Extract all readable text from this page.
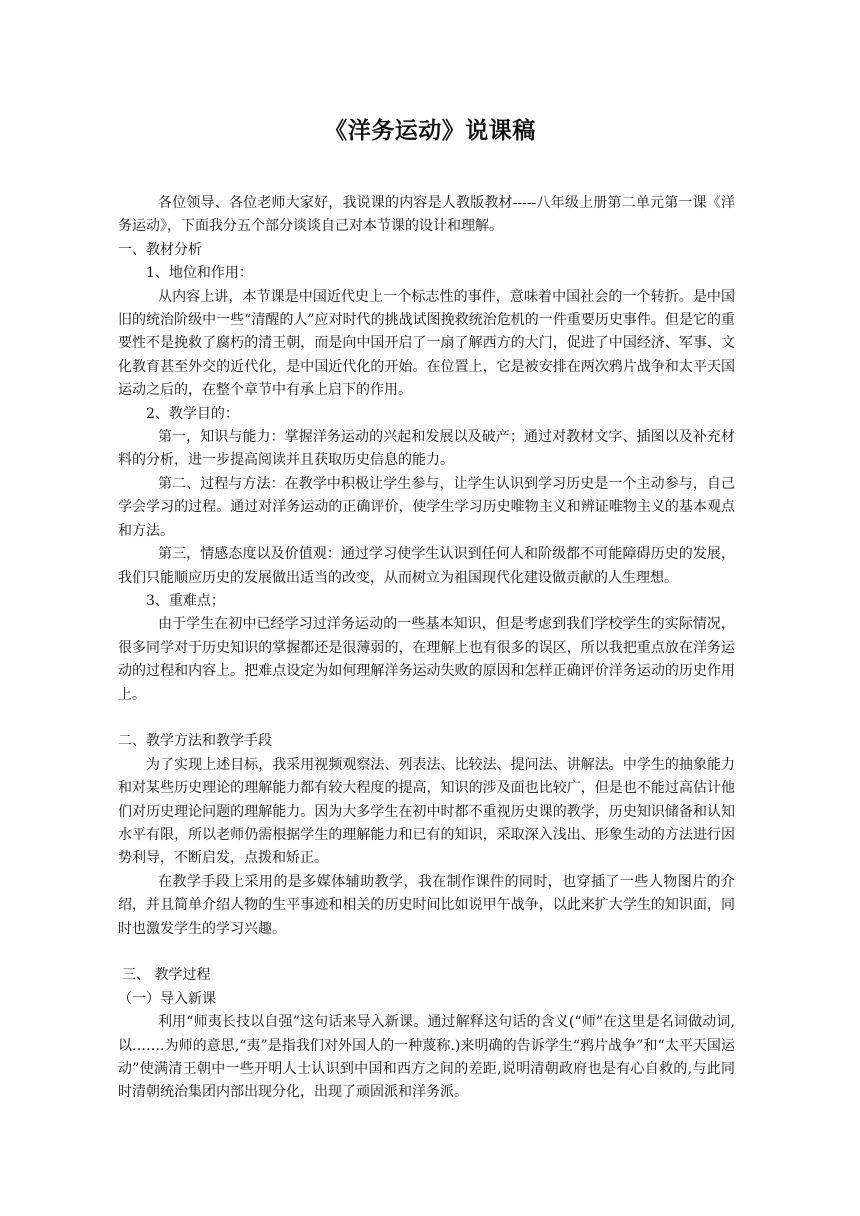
《洋务运动》说课稿

各位领导、各位老师大家好，我说课的内容是人教版教材-----八年级上册第二单元第一课《洋务运动》，下面我分五个部分谈谈自己对本节课的设计和理解。

一、教材分析

1、地位和作用：

从内容上讲，本节课是中国近代史上一个标志性的事件，意味着中国社会的一个转折。是中国旧的统治阶级中一些“清醒的人”应对时代的挑战试图挽救统治危机的一件重要历史事件。但是它的重要性不是挽救了腐朽的清王朝，而是向中国开启了一扇了解西方的大门，促进了中国经济、军事、文化教育甚至外交的近代化，是中国近代化的开始。在位置上，它是被安排在两次鸦片战争和太平天国运动之后的，在整个章节中有承上启下的作用。

2、教学目的：

第一，知识与能力：掌握洋务运动的兴起和发展以及破产；通过对教材文字、插图以及补充材料的分析，进一步提高阅读并且获取历史信息的能力。

第二、过程与方法：在教学中积极让学生参与，让学生认识到学习历史是一个主动参与，自己学会学习的过程。通过对洋务运动的正确评价，使学生学习历史唯物主义和辨证唯物主义的基本观点和方法。

第三，情感态度以及价值观：通过学习使学生认识到任何人和阶级都不可能障碍历史的发展，我们只能顺应历史的发展做出适当的改变，从而树立为祖国现代化建设做贡献的人生理想。

3、重难点；

由于学生在初中已经学习过洋务运动的一些基本知识，但是考虑到我们学校学生的实际情况，很多同学对于历史知识的掌握都还是很薄弱的，在理解上也有很多的误区，所以我把重点放在洋务运动的过程和内容上。把难点设定为如何理解洋务运动失败的原因和怎样正确评价洋务运动的历史作用上。

二、教学方法和教学手段

为了实现上述目标，我采用视频观察法、列表法、比较法、提问法、讲解法。中学生的抽象能力和对某些历史理论的理解能力都有较大程度的提高，知识的涉及面也比较广，但是也不能过高估计他们对历史理论问题的理解能力。因为大多学生在初中时都不重视历史课的教学，历史知识储备和认知水平有限，所以老师仍需根据学生的理解能力和已有的知识，采取深入浅出、形象生动的方法进行因势利导，不断启发，点拨和矫正。

在教学手段上采用的是多媒体辅助教学，我在制作课件的同时，也穿插了一些人物图片的介绍，并且简单介绍人物的生平事迹和相关的历史时间比如说甲午战争，以此来扩大学生的知识面，同时也激发学生的学习兴趣。

三、 教学过程

（一）导入新课

利用“师夷长技以自强”这句话来导入新课。通过解释这句话的含义(“师”在这里是名词做动词,以…….为师的意思,“夷”是指我们对外国人的一种蔑称.)来明确的告诉学生“鸦片战争”和“太平天国运动”使满清王朝中一些开明人士认识到中国和西方之间的差距,说明清朝政府也是有心自救的,与此同时清朝统治集团内部出现分化，出现了顽固派和洋务派。
